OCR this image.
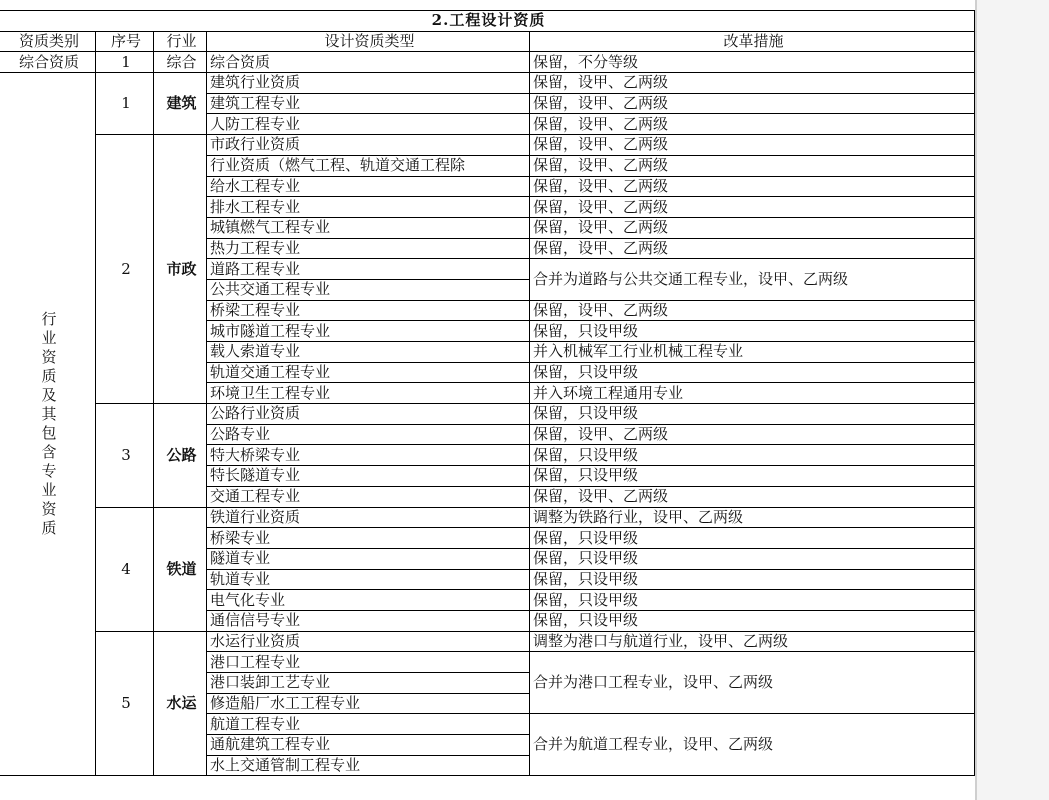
2.工程设计资质				
资质类别	序号	行业	设计资质类型	改革措施
综合资质	1	综合	综合资质	保留，不分等级
行业资质及其包含专业资质	1	建筑	建筑行业资质	保留，设甲、乙两级
			建筑工程专业	保留，设甲、乙两级
			人防工程专业	保留，设甲、乙两级
	2	市政	市政行业资质	保留，设甲、乙两级
			行业资质（燃气工程、轨道交通工程除	保留，设甲、乙两级
			给水工程专业	保留，设甲、乙两级
			排水工程专业	保留，设甲、乙两级
			城镇燃气工程专业	保留，设甲、乙两级
			热力工程专业	保留，设甲、乙两级
			道路工程专业	合并为道路与公共交通工程专业，设甲、乙两级
			公共交通工程专业	
			桥梁工程专业	保留，设甲、乙两级
			城市隧道工程专业	保留，只设甲级
			载人索道专业	并入机械军工行业机械工程专业
			轨道交通工程专业	保留，只设甲级
			环境卫生工程专业	并入环境工程通用专业
	3	公路	公路行业资质	保留，只设甲级
			公路专业	保留，设甲、乙两级
			特大桥梁专业	保留，只设甲级
			特长隧道专业	保留，只设甲级
			交通工程专业	保留，设甲、乙两级
	4	铁道	铁道行业资质	调整为铁路行业，设甲、乙两级
			桥梁专业	保留，只设甲级
			隧道专业	保留，只设甲级
			轨道专业	保留，只设甲级
			电气化专业	保留，只设甲级
			通信信号专业	保留，只设甲级
	5	水运	水运行业资质	调整为港口与航道行业，设甲、乙两级
			港口工程专业	合并为港口工程专业，设甲、乙两级
			港口装卸工艺专业	
			修造船厂水工工程专业	
			航道工程专业	合并为航道工程专业，设甲、乙两级
			通航建筑工程专业	
			水上交通管制工程专业	
